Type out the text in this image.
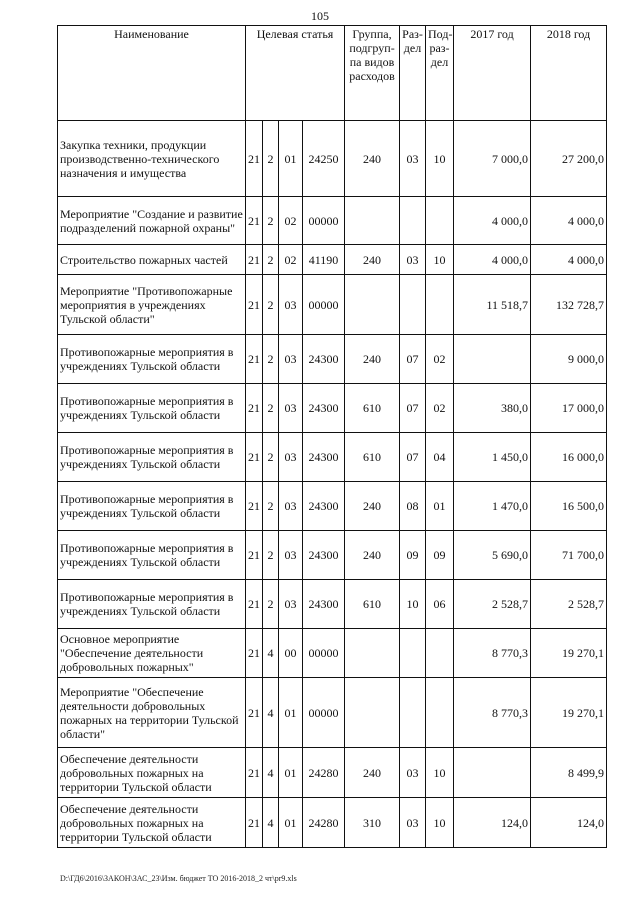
105
Наименование	Целевая статья				Группа, подгруп- па видов расходов	Раз- дел	Под- раз- дел	2017 год	2018 год
Закупка техники, продукции производственно-технического назначения и имущества	21	2	01	24250	240	03	10	7 000,0	27 200,0
Мероприятие "Создание и развитие подразделений пожарной охраны"	21	2	02	00000				4 000,0	4 000,0
Строительство пожарных частей	21	2	02	41190	240	03	10	4 000,0	4 000,0
Мероприятие "Противопожарные мероприятия в учреждениях Тульской области"	21	2	03	00000				11 518,7	132 728,7
Противопожарные мероприятия в учреждениях Тульской области	21	2	03	24300	240	07	02		9 000,0
Противопожарные мероприятия в учреждениях Тульской области	21	2	03	24300	610	07	02	380,0	17 000,0
Противопожарные мероприятия в учреждениях Тульской области	21	2	03	24300	610	07	04	1 450,0	16 000,0
Противопожарные мероприятия в учреждениях Тульской области	21	2	03	24300	240	08	01	1 470,0	16 500,0
Противопожарные мероприятия в учреждениях Тульской области	21	2	03	24300	240	09	09	5 690,0	71 700,0
Противопожарные мероприятия в учреждениях Тульской области	21	2	03	24300	610	10	06	2 528,7	2 528,7
Основное мероприятие "Обеспечение деятельности добровольных пожарных"	21	4	00	00000				8 770,3	19 270,1
Мероприятие "Обеспечение деятельности добровольных пожарных на территории Тульской области"	21	4	01	00000				8 770,3	19 270,1
Обеспечение деятельности добровольных пожарных на территории Тульской области	21	4	01	24280	240	03	10		8 499,9
Обеспечение деятельности добровольных пожарных на территории Тульской области	21	4	01	24280	310	03	10	124,0	124,0
D:\ГД6\2016\ЗАКОН\ЗАС_23\Изм. бюджет ТО 2016-2018_2 чт\pr9.xls
